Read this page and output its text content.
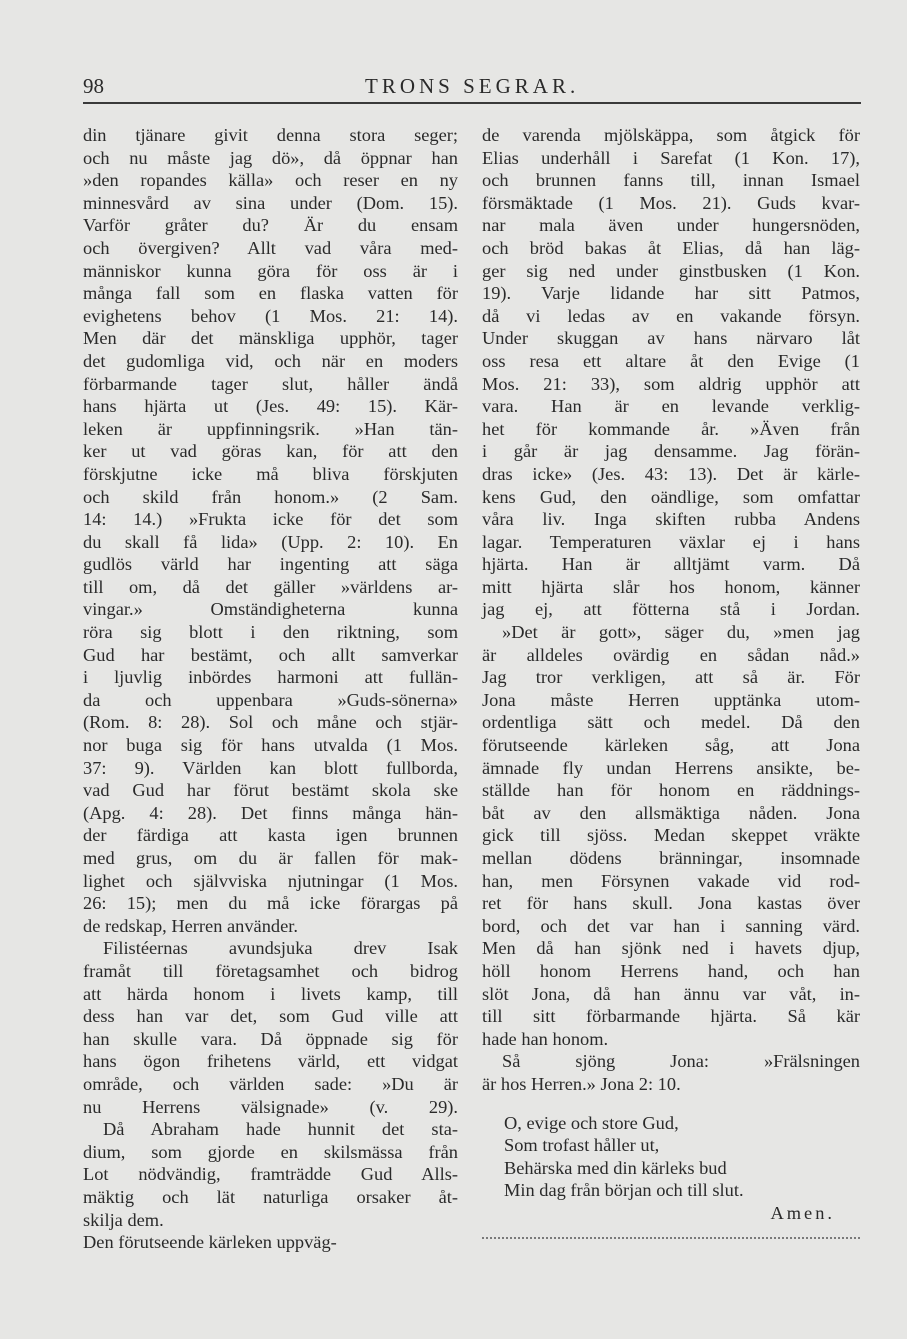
98	TRONS SEGRAR.
din tjänare givit denna stora seger;
och nu måste jag dö», då öppnar han
»den ropandes källa» och reser en ny
minnesvård av sina under (Dom. 15).
Varför gråter du? Är du ensam
och övergiven? Allt vad våra med-
människor kunna göra för oss är i
många fall som en flaska vatten för
evighetens behov (1 Mos. 21: 14).
Men där det mänskliga upphör, tager
det gudomliga vid, och när en moders
förbarmande tager slut, håller ändå
hans hjärta ut (Jes. 49: 15). Kär-
leken är uppfinningsrik. »Han tän-
ker ut vad göras kan, för att den
förskjutne icke må bliva förskjuten
och skild från honom.» (2 Sam.
14: 14.) »Frukta icke för det som
du skall få lida» (Upp. 2: 10). En
gudlös värld har ingenting att säga
till om, då det gäller »världens ar-
vingar.» Omständigheterna kunna
röra sig blott i den riktning, som
Gud har bestämt, och allt samverkar
i ljuvlig inbördes harmoni att fullän-
da och uppenbara »Guds-sönerna»
(Rom. 8: 28). Sol och måne och stjär-
nor buga sig för hans utvalda (1 Mos.
37: 9). Världen kan blott fullborda,
vad Gud har förut bestämt skola ske
(Apg. 4: 28). Det finns många hän-
der färdiga att kasta igen brunnen
med grus, om du är fallen för mak-
lighet och självviska njutningar (1 Mos.
26: 15); men du må icke förargas på
de redskap, Herren använder.
Filistéernas avundsjuka drev Isak
framåt till företagsamhet och bidrog
att härda honom i livets kamp, till
dess han var det, som Gud ville att
han skulle vara. Då öppnade sig för
hans ögon frihetens värld, ett vidgat
område, och världen sade: »Du är
nu Herrens välsignade» (v. 29).
Då Abraham hade hunnit det sta-
dium, som gjorde en skilsmässa från
Lot nödvändig, framträdde Gud Alls-
mäktig och lät naturliga orsaker åt-
skilja dem.
Den förutseende kärleken uppväg-
de varenda mjölskäppa, som åtgick för
Elias underhåll i Sarefat (1 Kon. 17),
och brunnen fanns till, innan Ismael
försmäktade (1 Mos. 21). Guds kvar-
nar mala även under hungersnöden,
och bröd bakas åt Elias, då han läg-
ger sig ned under ginstbusken (1 Kon.
19). Varje lidande har sitt Patmos,
då vi ledas av en vakande försyn.
Under skuggan av hans närvaro låt
oss resa ett altare åt den Evige (1
Mos. 21: 33), som aldrig upphör att
vara. Han är en levande verklig-
het för kommande år. »Även från
i går är jag densamme. Jag förän-
dras icke» (Jes. 43: 13). Det är kärle-
kens Gud, den oändlige, som omfattar
våra liv. Inga skiften rubba Andens
lagar. Temperaturen växlar ej i hans
hjärta. Han är alltjämt varm. Då
mitt hjärta slår hos honom, känner
jag ej, att fötterna stå i Jordan.
»Det är gott», säger du, »men jag
är alldeles ovärdig en sådan nåd.»
Jag tror verkligen, att så är. För
Jona måste Herren upptänka utom-
ordentliga sätt och medel. Då den
förutseende kärleken såg, att Jona
ämnade fly undan Herrens ansikte, be-
ställde han för honom en räddnings-
båt av den allsmäktiga nåden. Jona
gick till sjöss. Medan skeppet vräkte
mellan dödens bränningar, insomnade
han, men Försynen vakade vid rod-
ret för hans skull. Jona kastas över
bord, och det var han i sanning värd.
Men då han sjönk ned i havets djup,
höll honom Herrens hand, och han
slöt Jona, då han ännu var våt, in-
till sitt förbarmande hjärta. Så kär
hade han honom.
Så sjöng Jona: »Frälsningen
är hos Herren.» Jona 2: 10.
O, evige och store Gud,
Som trofast håller ut,
Behärska med din kärleks bud
Min dag från början och till slut.
Amen.
